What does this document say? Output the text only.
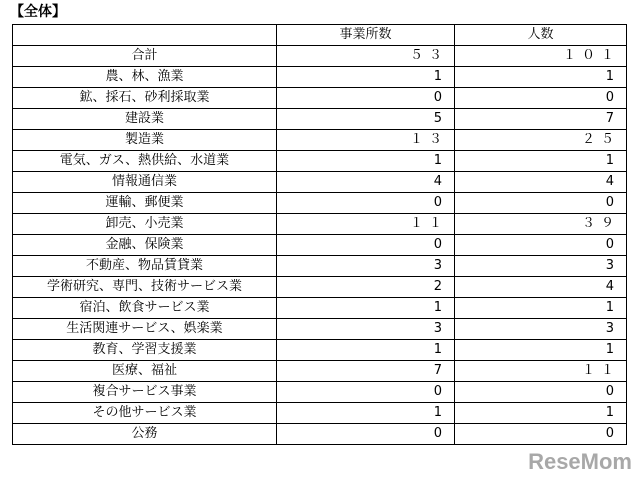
【全体】
	事業所数	人数
合計	５３	１０１
農、林、漁業	1	1
鉱、採石、砂利採取業	0	0
建設業	5	7
製造業	１３	２５
電気、ガス、熱供給、水道業	1	1
情報通信業	4	4
運輸、郵便業	0	0
卸売、小売業	１１	３９
金融、保険業	0	0
不動産、物品賃貸業	3	3
学術研究、専門、技術サービス業	2	4
宿泊、飲食サービス業	1	1
生活関連サービス、娯楽業	3	3
教育、学習支援業	1	1
医療、福祉	7	１１
複合サービス事業	0	0
その他サービス業	1	1
公務	0	0
ReseMom
